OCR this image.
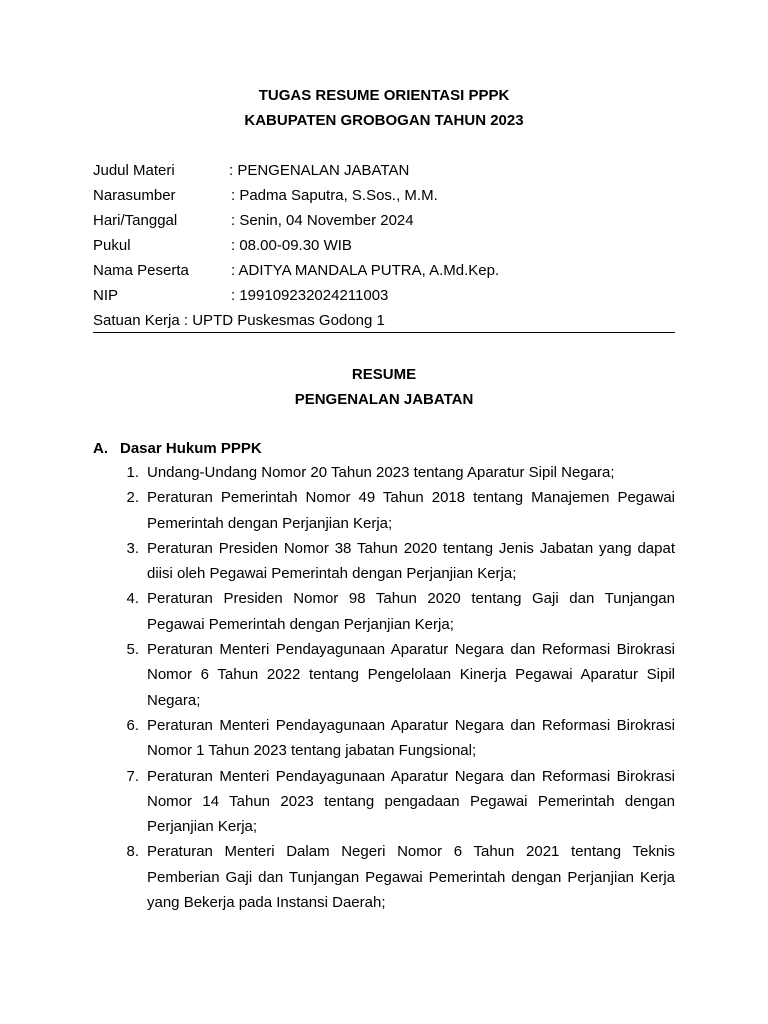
TUGAS RESUME ORIENTASI PPPK
KABUPATEN GROBOGAN TAHUN 2023
Judul Materi	: PENGENALAN JABATAN
Narasumber	: Padma Saputra, S.Sos., M.M.
Hari/Tanggal	: Senin, 04 November 2024
Pukul	: 08.00-09.30 WIB
Nama Peserta	: ADITYA MANDALA PUTRA, A.Md.Kep.
NIP	: 199109232024211003
Satuan Kerja : UPTD Puskesmas Godong 1
RESUME
PENGENALAN JABATAN
A. Dasar Hukum PPPK
1. Undang-Undang Nomor 20 Tahun 2023 tentang Aparatur Sipil Negara;
2. Peraturan Pemerintah Nomor 49 Tahun 2018 tentang Manajemen Pegawai Pemerintah dengan Perjanjian Kerja;
3. Peraturan Presiden Nomor 38 Tahun 2020 tentang Jenis Jabatan yang dapat diisi oleh Pegawai Pemerintah dengan Perjanjian Kerja;
4. Peraturan Presiden Nomor 98 Tahun 2020 tentang Gaji dan Tunjangan Pegawai Pemerintah dengan Perjanjian Kerja;
5. Peraturan Menteri Pendayagunaan Aparatur Negara dan Reformasi Birokrasi Nomor 6 Tahun 2022 tentang Pengelolaan Kinerja Pegawai Aparatur Sipil Negara;
6. Peraturan Menteri Pendayagunaan Aparatur Negara dan Reformasi Birokrasi Nomor 1 Tahun 2023 tentang jabatan Fungsional;
7. Peraturan Menteri Pendayagunaan Aparatur Negara dan Reformasi Birokrasi Nomor 14 Tahun 2023 tentang pengadaan Pegawai Pemerintah dengan Perjanjian Kerja;
8. Peraturan Menteri Dalam Negeri Nomor 6 Tahun 2021 tentang Teknis Pemberian Gaji dan Tunjangan Pegawai Pemerintah dengan Perjanjian Kerja yang Bekerja pada Instansi Daerah;
